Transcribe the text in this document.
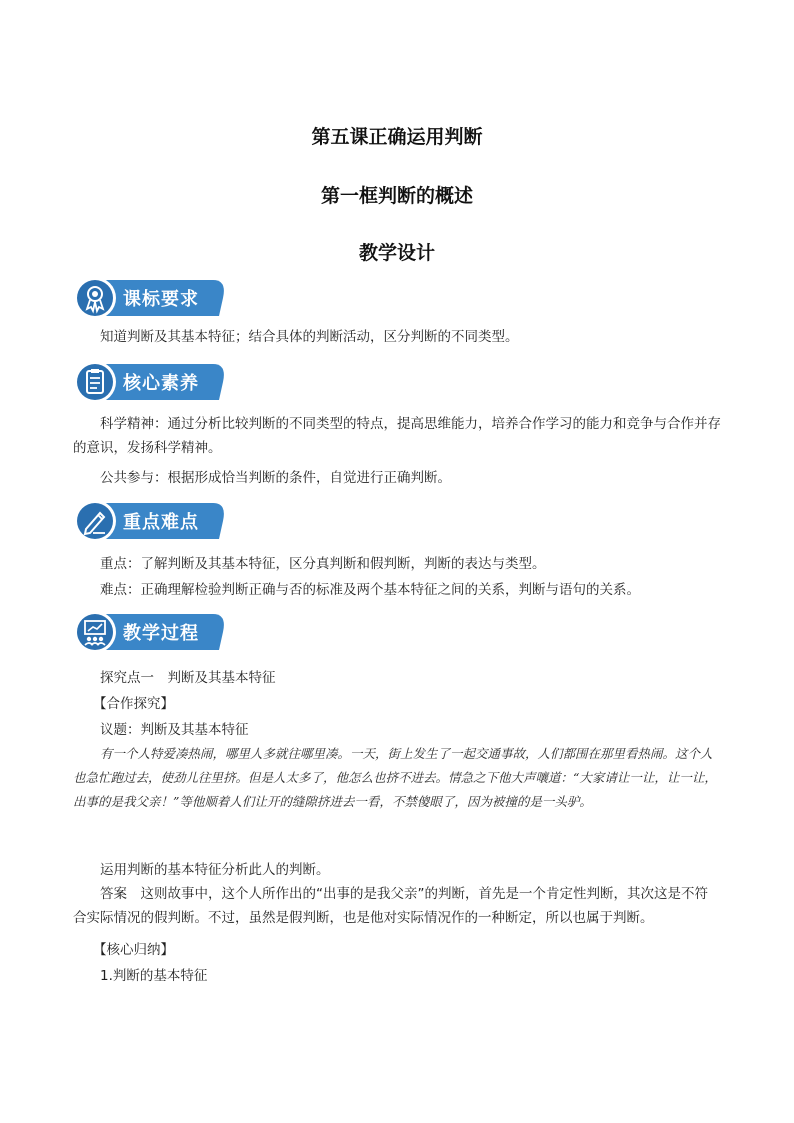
第五课正确运用判断
第一框判断的概述
教学设计
课标要求
知道判断及其基本特征；结合具体的判断活动，区分判断的不同类型。
核心素养
科学精神：通过分析比较判断的不同类型的特点，提高思维能力，培养合作学习的能力和竞争与合作并存的意识，发扬科学精神。
公共参与：根据形成恰当判断的条件，自觉进行正确判断。
重点难点
重点：了解判断及其基本特征，区分真判断和假判断，判断的表达与类型。
难点：正确理解检验判断正确与否的标准及两个基本特征之间的关系，判断与语句的关系。
教学过程
探究点一　判断及其基本特征
【合作探究】
议题：判断及其基本特征
有一个人特爱凑热闹，哪里人多就往哪里凑。一天，街上发生了一起交通事故，人们都围在那里看热闹。这个人也急忙跑过去，使劲儿往里挤。但是人太多了，他怎么也挤不进去。情急之下他大声嚷道：“大家请让一让，让一让，出事的是我父亲！”等他顺着人们让开的缝隙挤进去一看，不禁傻眼了，因为被撞的是一头驴。
运用判断的基本特征分析此人的判断。
答案　这则故事中，这个人所作出的“出事的是我父亲”的判断，首先是一个肯定性判断，其次这是不符合实际情况的假判断。不过，虽然是假判断，也是他对实际情况作的一种断定，所以也属于判断。
【核心归纳】
1.判断的基本特征
